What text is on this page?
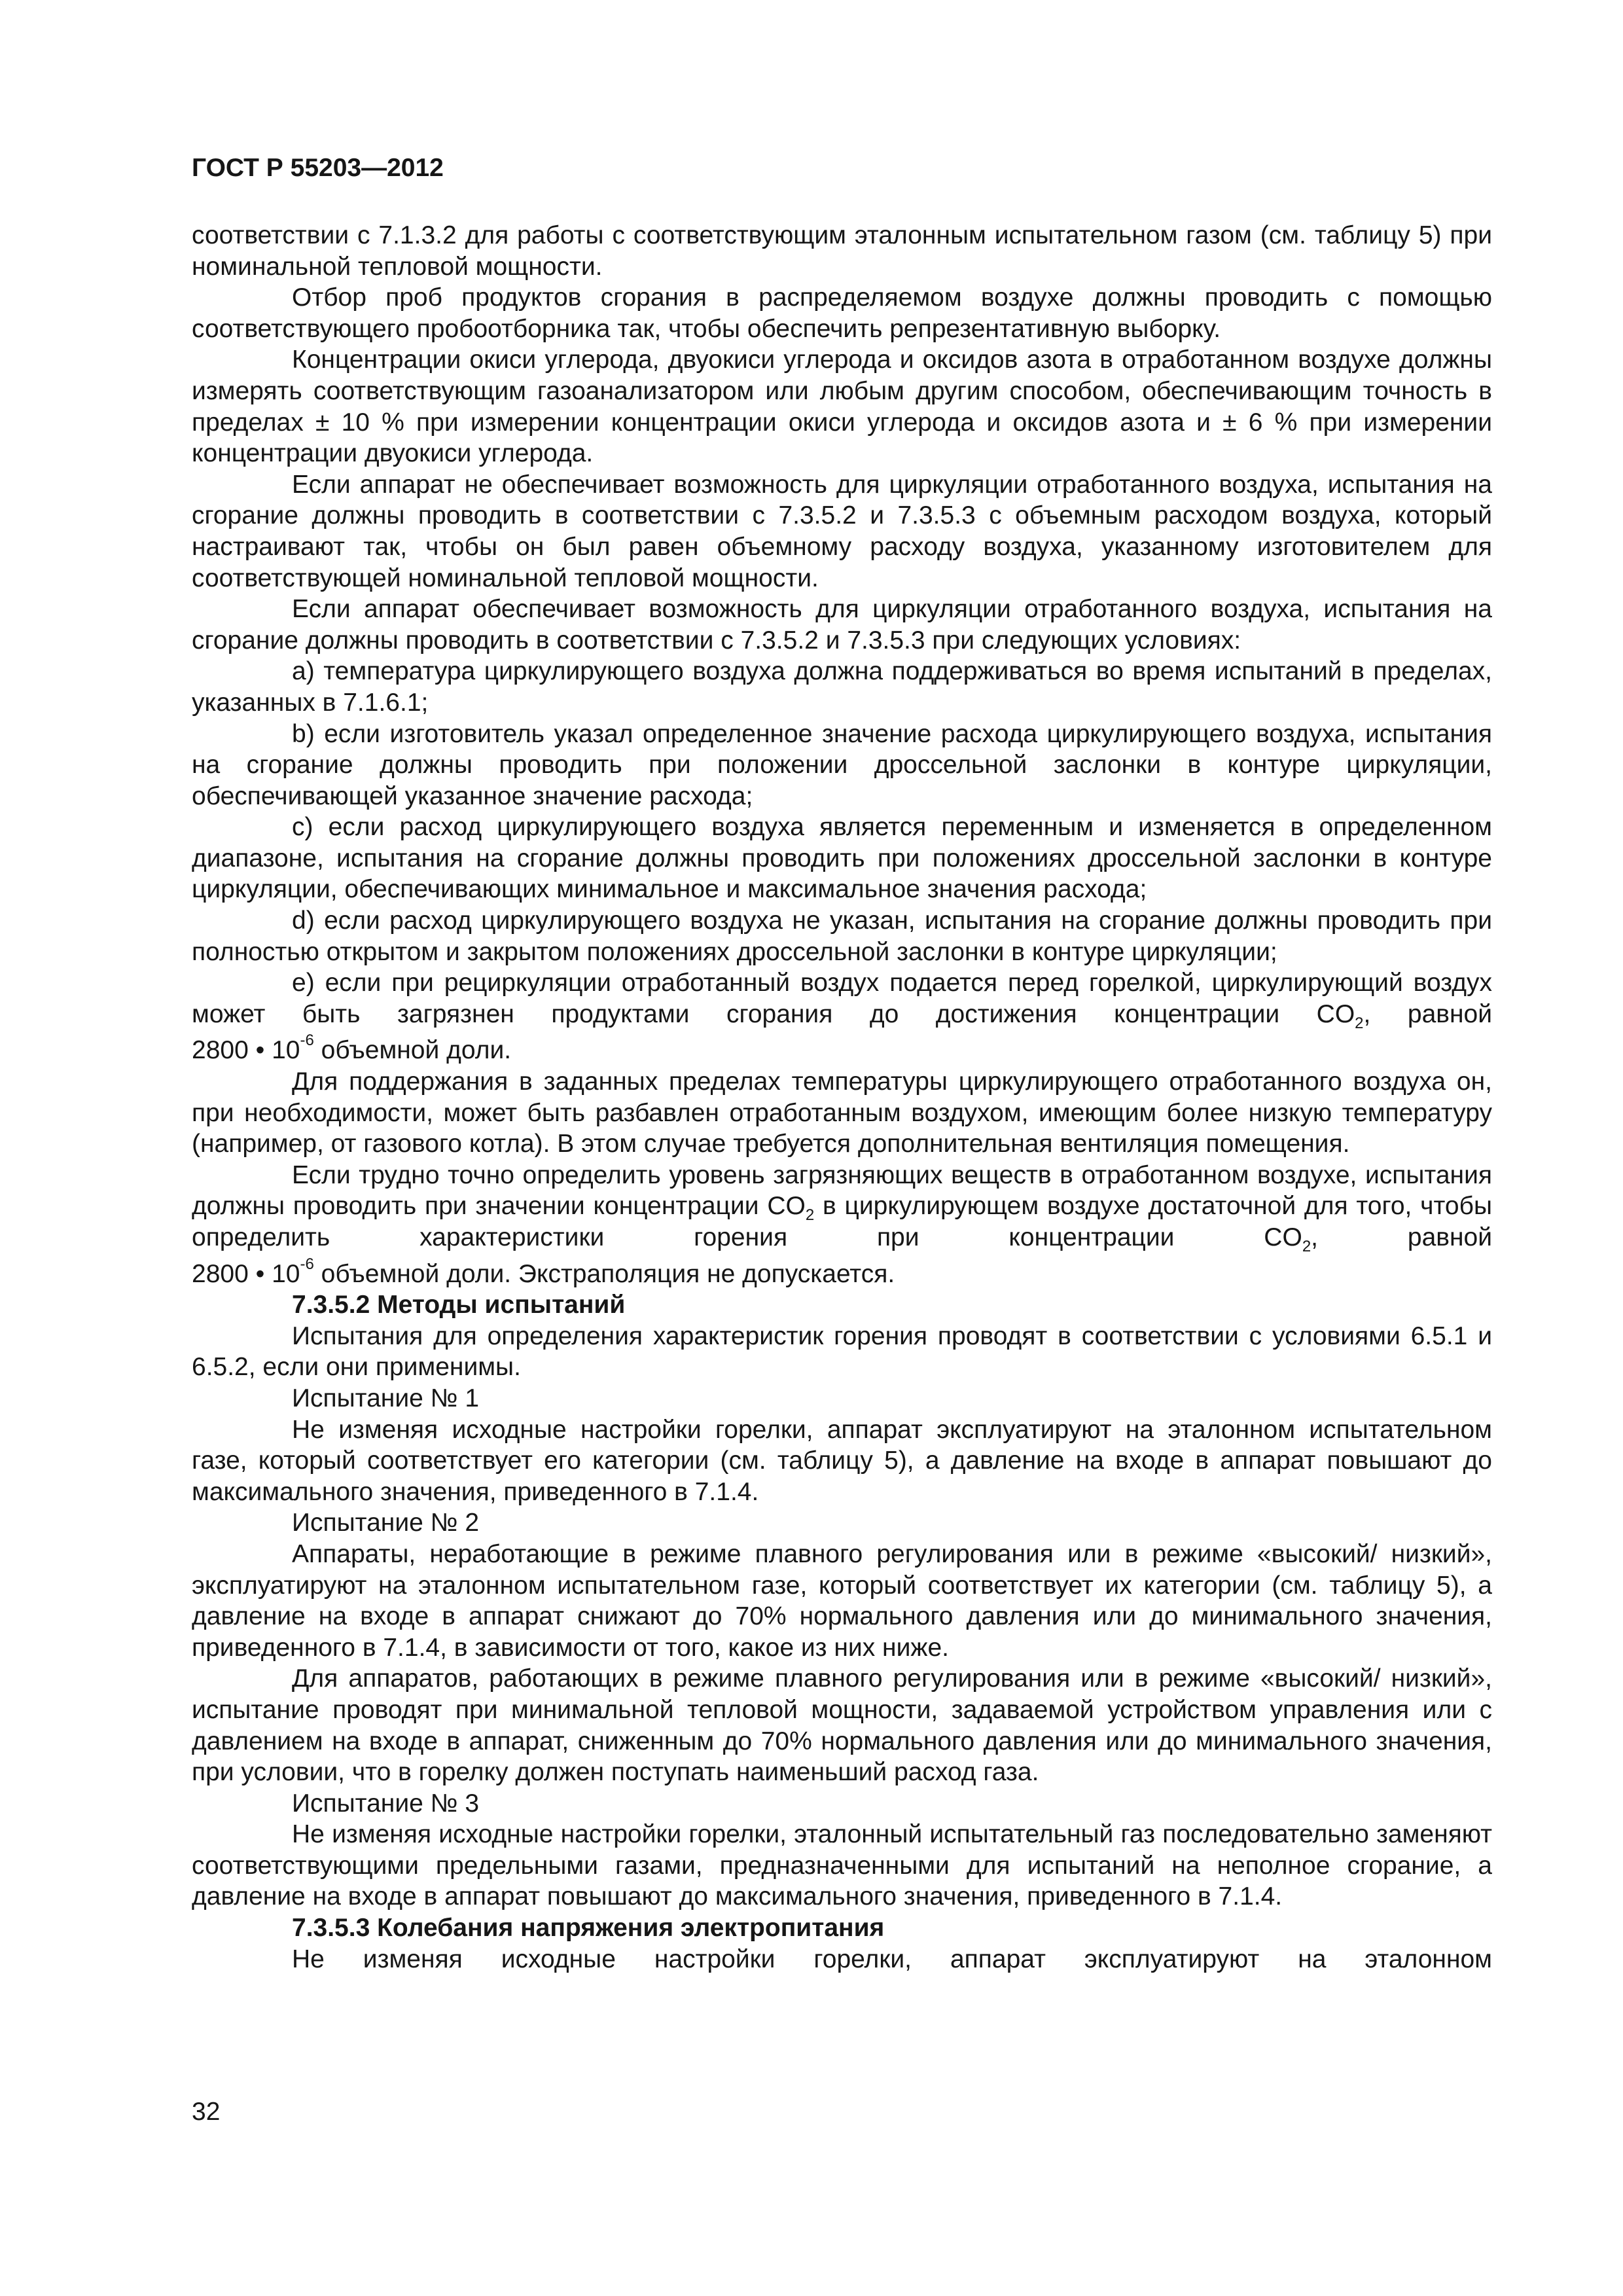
ГОСТ Р 55203—2012

соответствии с 7.1.3.2 для работы с соответствующим эталонным испытательном газом (см. таблицу 5) при номинальной тепловой мощности.

Отбор проб продуктов сгорания в распределяемом воздухе должны проводить с помощью соответствующего пробоотборника так, чтобы обеспечить репрезентативную выборку.

Концентрации окиси углерода, двуокиси углерода и оксидов азота в отработанном воздухе должны измерять соответствующим газоанализатором или любым другим способом, обеспечивающим точность в пределах ± 10 % при измерении концентрации окиси углерода и оксидов азота и ± 6 % при измерении концентрации двуокиси углерода.

Если аппарат не обеспечивает возможность для циркуляции отработанного воздуха, испытания на сгорание должны проводить в соответствии с 7.3.5.2 и 7.3.5.3 с объемным расходом воздуха, который настраивают так, чтобы он был равен объемному расходу воздуха, указанному изготовителем для соответствующей номинальной тепловой мощности.

Если аппарат обеспечивает возможность для циркуляции отработанного воздуха, испытания на сгорание должны проводить в соответствии с 7.3.5.2 и 7.3.5.3 при следующих условиях:

а) температура циркулирующего воздуха должна поддерживаться во время испытаний в пределах, указанных в 7.1.6.1;

b) если изготовитель указал определенное значение расхода циркулирующего воздуха, испытания на сгорание должны проводить при положении дроссельной заслонки в контуре циркуляции, обеспечивающей указанное значение расхода;

c) если расход циркулирующего воздуха является переменным и изменяется в определенном диапазоне, испытания на сгорание должны проводить при положениях дроссельной заслонки в контуре циркуляции, обеспечивающих минимальное и максимальное значения расхода;

d) если расход циркулирующего воздуха не указан, испытания на сгорание должны проводить при полностью открытом и закрытом положениях дроссельной заслонки в контуре циркуляции;

е) если при рециркуляции отработанный воздух подается перед горелкой, циркулирующий воздух может быть загрязнен продуктами сгорания до достижения концентрации $CO_2$, равной

2800 • $10^{-6}$ объемной доли.

Для поддержания в заданных пределах температуры циркулирующего отработанного воздуха он, при необходимости, может быть разбавлен отработанным воздухом, имеющим более низкую температуру (например, от газового котла). В этом случае требуется дополнительная вентиляция помещения.

Если трудно точно определить уровень загрязняющих веществ в отработанном воздухе, испытания должны проводить при значении концентрации $CO_2$ в циркулирующем воздухе достаточной для того, чтобы определить характеристики горения при концентрации $CO_2$, равной

2800 • $10^{-6}$ объемной доли. Экстраполяция не допускается.

7.3.5.2 Методы испытаний

Испытания для определения характеристик горения проводят в соответствии с условиями 6.5.1 и 6.5.2, если они применимы.

Испытание № 1

Не изменяя исходные настройки горелки, аппарат эксплуатируют на эталонном испытательном газе, который соответствует его категории (см. таблицу 5), а давление на входе в аппарат повышают до максимального значения, приведенного в 7.1.4.

Испытание № 2

Аппараты, неработающие в режиме плавного регулирования или в режиме «высокий/ низкий», эксплуатируют на эталонном испытательном газе, который соответствует их категории (см. таблицу 5), а давление на входе в аппарат снижают до 70% нормального давления или до минимального значения, приведенного в 7.1.4, в зависимости от того, какое из них ниже.

Для аппаратов, работающих в режиме плавного регулирования или в режиме «высокий/ низкий», испытание проводят при минимальной тепловой мощности, задаваемой устройством управления или с давлением на входе в аппарат, сниженным до 70% нормального давления или до минимального значения, при условии, что в горелку должен поступать наименьший расход газа.

Испытание № 3

Не изменяя исходные настройки горелки, эталонный испытательный газ последовательно заменяют соответствующими предельными газами, предназначенными для испытаний на неполное сгорание, а давление на входе в аппарат повышают до максимального значения, приведенного в 7.1.4.

7.3.5.3 Колебания напряжения электропитания

Не изменяя исходные настройки горелки, аппарат эксплуатируют на эталонном

32
